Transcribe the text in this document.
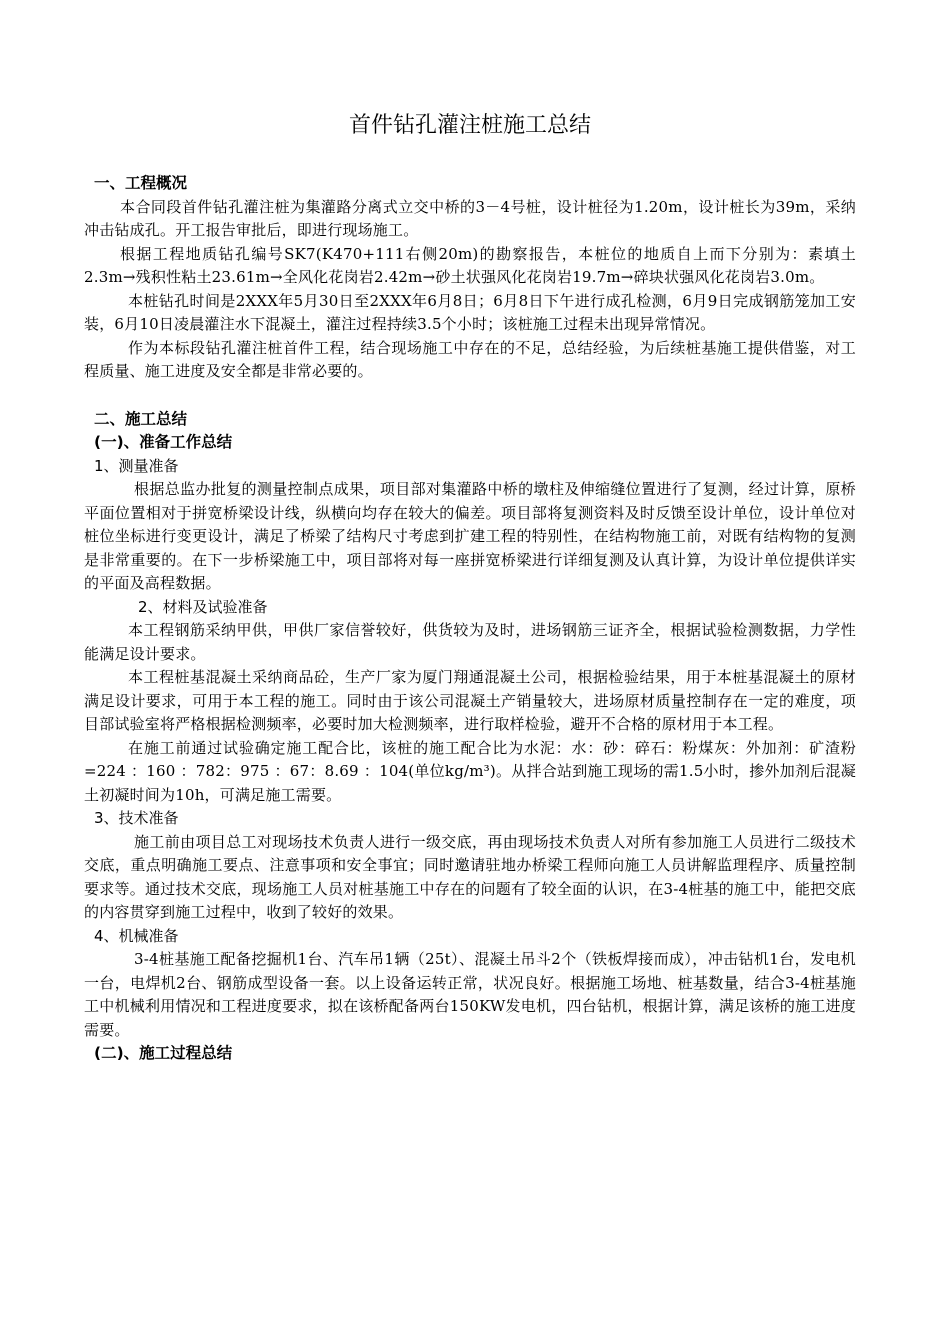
首件钻孔灌注桩施工总结
一、工程概况

本合同段首件钻孔灌注桩为集灌路分离式立交中桥的3－4号桩，设计桩径为1.20m，设计桩长为39m，采纳冲击钻成孔。开工报告审批后，即进行现场施工。

根据工程地质钻孔编号SK7(K470+111右侧20m)的勘察报告，本桩位的地质自上而下分别为：素填土2.3m→残积性粘土23.61m→全风化花岗岩2.42m→砂土状强风化花岗岩19.7m→碎块状强风化花岗岩3.0m。

本桩钻孔时间是2XXX年5月30日至2XXX年6月8日；6月8日下午进行成孔检测，6月9日完成钢筋笼加工安装，6月10日凌晨灌注水下混凝土，灌注过程持续3.5个小时；该桩施工过程未出现异常情况。

作为本标段钻孔灌注桩首件工程，结合现场施工中存在的不足，总结经验，为后续桩基施工提供借鉴，对工程质量、施工进度及安全都是非常必要的。

二、施工总结
(一)、准备工作总结
1、测量准备

根据总监办批复的测量控制点成果，项目部对集灌路中桥的墩柱及伸缩缝位置进行了复测，经过计算，原桥平面位置相对于拼宽桥梁设计线，纵横向均存在较大的偏差。项目部将复测资料及时反馈至设计单位，设计单位对桩位坐标进行变更设计，满足了桥梁了结构尺寸考虑到扩建工程的特别性，在结构物施工前，对既有结构物的复测是非常重要的。在下一步桥梁施工中，项目部将对每一座拼宽桥梁进行详细复测及认真计算，为设计单位提供详实的平面及高程数据。

2、材料及试验准备

本工程钢筋采纳甲供，甲供厂家信誉较好，供货较为及时，进场钢筋三证齐全，根据试验检测数据，力学性能满足设计要求。

本工程桩基混凝土采纳商品砼，生产厂家为厦门翔通混凝土公司，根据检验结果，用于本桩基混凝土的原材满足设计要求，可用于本工程的施工。同时由于该公司混凝土产销量较大，进场原材质量控制存在一定的难度，项目部试验室将严格根据检测频率，必要时加大检测频率，进行取样检验，避开不合格的原材用于本工程。

在施工前通过试验确定施工配合比，该桩的施工配合比为水泥：水：砂：碎石：粉煤灰：外加剂：矿渣粉=224 ：160 ：782：975 ：67：8.69 ：104(单位kg/m³)。从拌合站到施工现场的需1.5小时，掺外加剂后混凝土初凝时间为10h，可满足施工需要。

3、技术准备

施工前由项目总工对现场技术负责人进行一级交底，再由现场技术负责人对所有参加施工人员进行二级技术交底，重点明确施工要点、注意事项和安全事宜；同时邀请驻地办桥梁工程师向施工人员讲解监理程序、质量控制要求等。通过技术交底，现场施工人员对桩基施工中存在的问题有了较全面的认识，在3-4桩基的施工中，能把交底的内容贯穿到施工过程中，收到了较好的效果。

4、机械准备

3-4桩基施工配备挖掘机1台、汽车吊1辆（25t）、混凝土吊斗2个（铁板焊接而成），冲击钻机1台，发电机一台，电焊机2台、钢筋成型设备一套。以上设备运转正常，状况良好。根据施工场地、桩基数量，结合3-4桩基施工中机械利用情况和工程进度要求，拟在该桥配备两台150KW发电机，四台钻机，根据计算，满足该桥的施工进度需要。

(二)、施工过程总结
